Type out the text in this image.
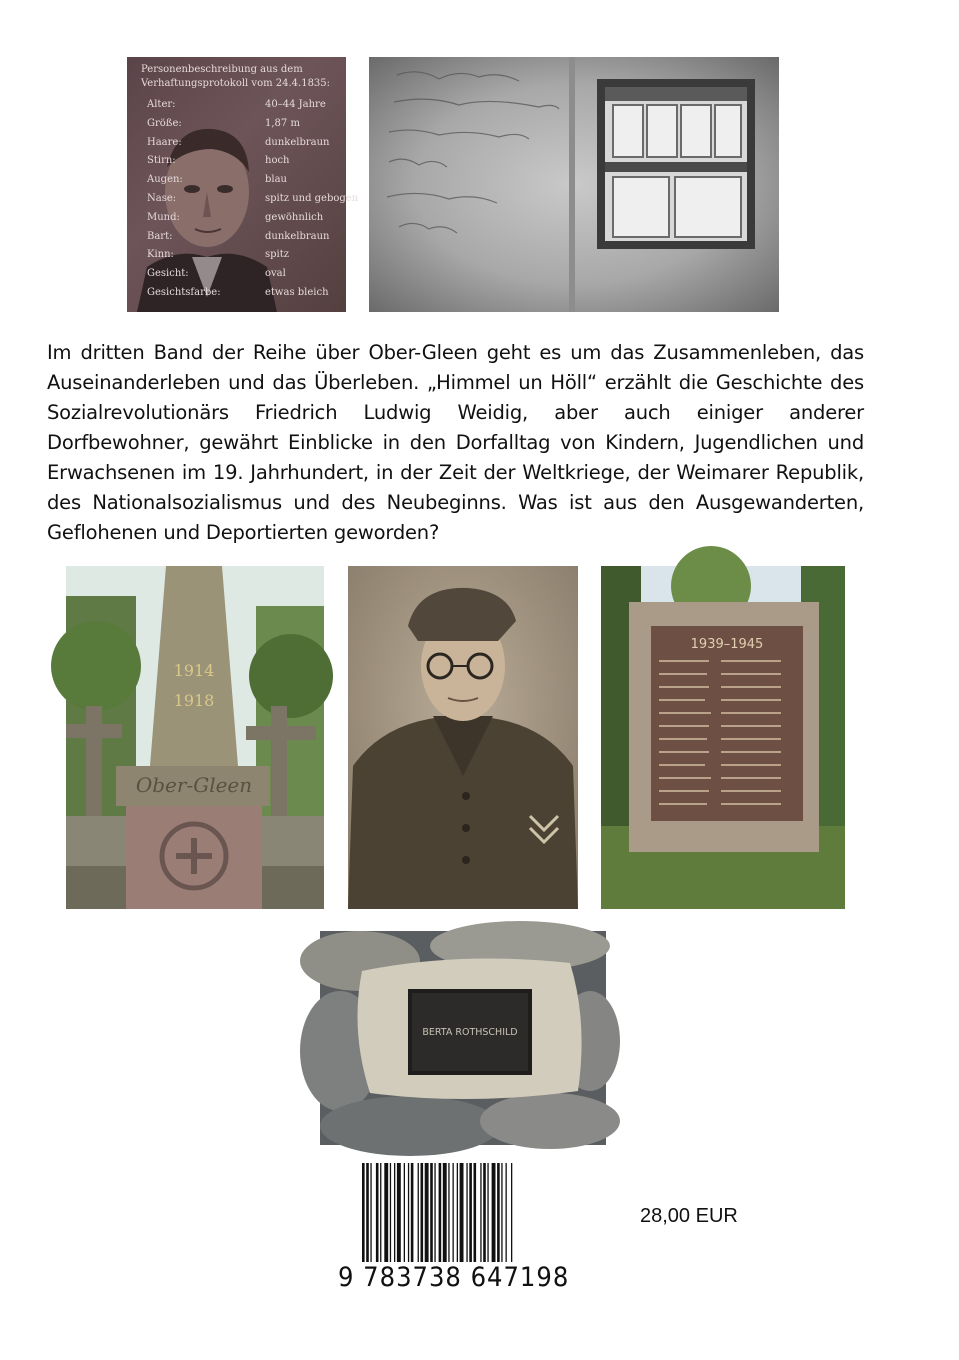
Personenbeschreibung aus dem Verhaftungsprotokoll vom 24.4.1835:
Alter:	40–44 Jahre
Größe:	1,87 m
Haare:	dunkelbraun
Stirn:	hoch
Augen:	blau
Nase:	spitz und gebogen
Mund:	gewöhnlich
Bart:	dunkelbraun
Kinn:	spitz
Gesicht:	oval
Gesichtsfarbe:	etwas bleich
Im dritten Band der Reihe über Ober-Gleen geht es um das Zusammenleben, das Auseinanderleben und das Überleben. „Himmel un Höll“ erzählt die Geschichte des Sozialrevolutionärs Friedrich Ludwig Weidig, aber auch einiger anderer Dorfbewohner, gewährt Einblicke in den Dorfalltag von Kindern, Jugendlichen und Erwachsenen im 19. Jahrhundert, in der Zeit der Weltkriege, der Weimarer Republik, des Nationalsozialismus und des Neubeginns. Was ist aus den Ausgewanderten, Geflohenen und Deportierten geworden?
1914
1918
Ober-Gleen
1939–1945
BERTA ROTHSCHILD
9 783738 647198
28,00 EUR
